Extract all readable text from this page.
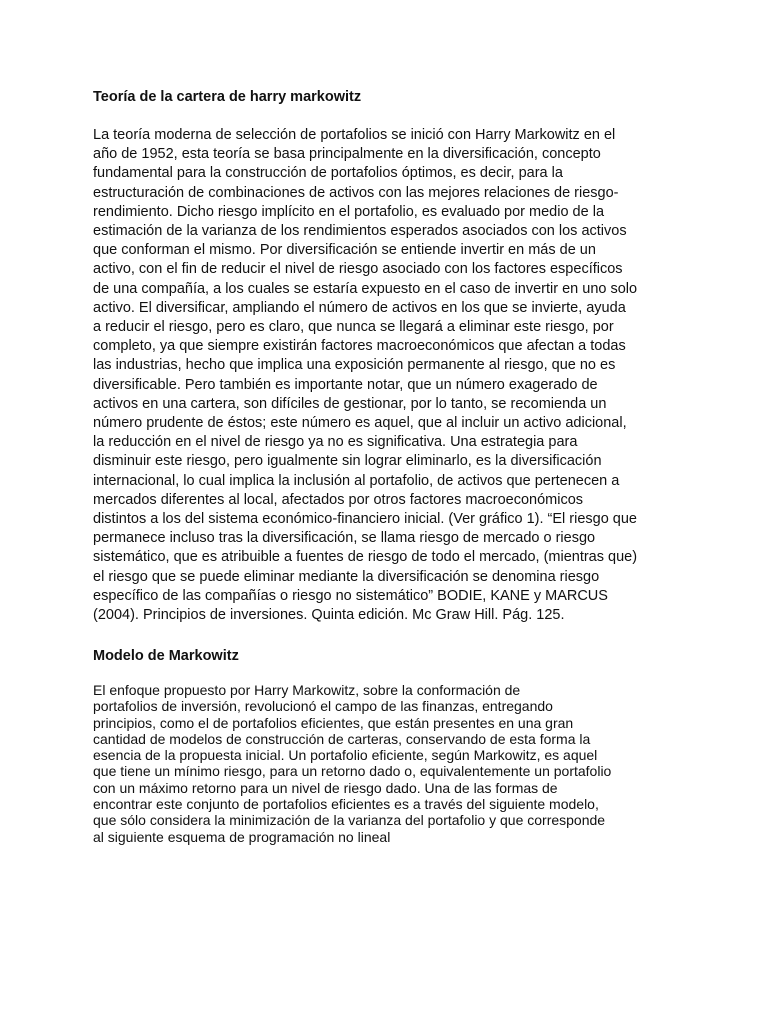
Teoría de la cartera de harry markowitz
La teoría moderna de selección de portafolios se inició con Harry Markowitz en el
año de 1952, esta teoría se basa principalmente en la diversificación, concepto
fundamental para la construcción de portafolios óptimos, es decir, para la
estructuración de combinaciones de activos con las mejores relaciones de riesgo-
rendimiento. Dicho riesgo implícito en el portafolio, es evaluado por medio de la
estimación de la varianza de los rendimientos esperados asociados con los activos
que conforman el mismo. Por diversificación se entiende invertir en más de un
activo, con el fin de reducir el nivel de riesgo asociado con los factores específicos
de una compañía, a los cuales se estaría expuesto en el caso de invertir en uno solo
activo. El diversificar, ampliando el número de activos en los que se invierte, ayuda
a reducir el riesgo, pero es claro, que nunca se llegará a eliminar este riesgo, por
completo, ya que siempre existirán factores macroeconómicos que afectan a todas
las industrias, hecho que implica una exposición permanente al riesgo, que no es
diversificable. Pero también es importante notar, que un número exagerado de
activos en una cartera, son difíciles de gestionar, por lo tanto, se recomienda un
número prudente de éstos; este número es aquel, que al incluir un activo adicional,
la reducción en el nivel de riesgo ya no es significativa. Una estrategia para
disminuir este riesgo, pero igualmente sin lograr eliminarlo, es la diversificación
internacional, lo cual implica la inclusión al portafolio, de activos que pertenecen a
mercados diferentes al local, afectados por otros factores macroeconómicos
distintos a los del sistema económico-financiero inicial. (Ver gráfico 1). “El riesgo que
permanece incluso tras la diversificación, se llama riesgo de mercado o riesgo
sistemático, que es atribuible a fuentes de riesgo de todo el mercado, (mientras que)
el riesgo que se puede eliminar mediante la diversificación se denomina riesgo
específico de las compañías o riesgo no sistemático” BODIE, KANE y MARCUS
(2004). Principios de inversiones. Quinta edición. Mc Graw Hill. Pág. 125.
Modelo de Markowitz
El enfoque propuesto por Harry Markowitz, sobre la conformación de
portafolios de inversión, revolucionó el campo de las finanzas, entregando
principios, como el de portafolios eficientes, que están presentes en una gran
cantidad de modelos de construcción de carteras, conservando de esta forma la
esencia de la propuesta inicial. Un portafolio eficiente, según Markowitz, es aquel
que tiene un mínimo riesgo, para un retorno dado o, equivalentemente un portafolio
con un máximo retorno para un nivel de riesgo dado. Una de las formas de
encontrar este conjunto de portafolios eficientes es a través del siguiente modelo,
que sólo considera la minimización de la varianza del portafolio y que corresponde
al siguiente esquema de programación no lineal
